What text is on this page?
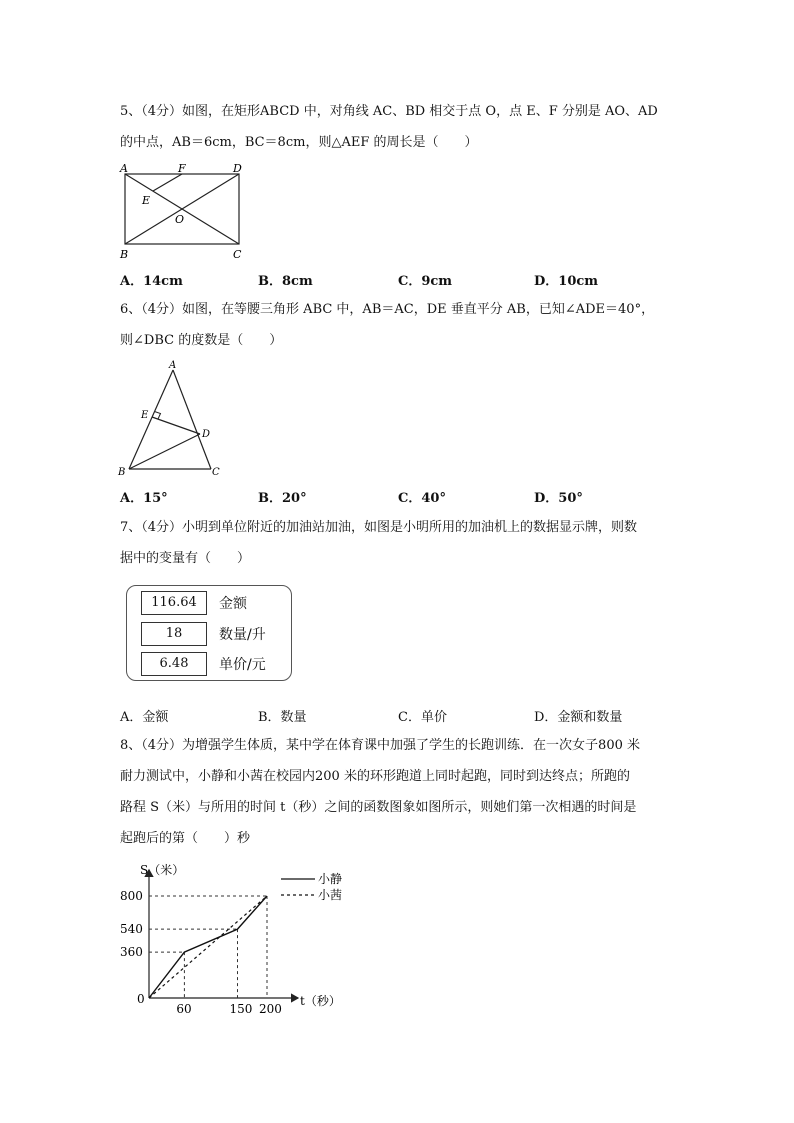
5、（4分）如图，在矩形ABCD 中，对角线 AC、BD 相交于点 O，点 E、F 分别是 AO、AD
的中点，AB＝6cm，BC＝8cm，则△AEF 的周长是（　　）
A	F	D
E
O
B	C
A．14cm	B．8cm	C．9cm	D．10cm
6、（4分）如图，在等腰三角形 ABC 中，AB＝AC，DE 垂直平分 AB，已知∠ADE＝40°，
则∠DBC 的度数是（　　）
A
E
D
B	C
A．15°	B．20°	C．40°	D．50°
7、（4分）小明到单位附近的加油站加油，如图是小明所用的加油机上的数据显示牌，则数
据中的变量有（　　）
116.64	金额
18	数量/升
6.48	单价/元
A．金额	B．数量	C．单价	D．金额和数量
8、（4分）为增强学生体质，某中学在体育课中加强了学生的长跑训练．在一次女子800 米
耐力测试中，小静和小茜在校园内200 米的环形跑道上同时起跑，同时到达终点；所跑的
路程 S（米）与所用的时间 t（秒）之间的函数图象如图所示，则她们第一次相遇的时间是
起跑后的第（　　）秒
S（米）
t（秒）
0
60	150 200
360
540
800
小静
小茜
